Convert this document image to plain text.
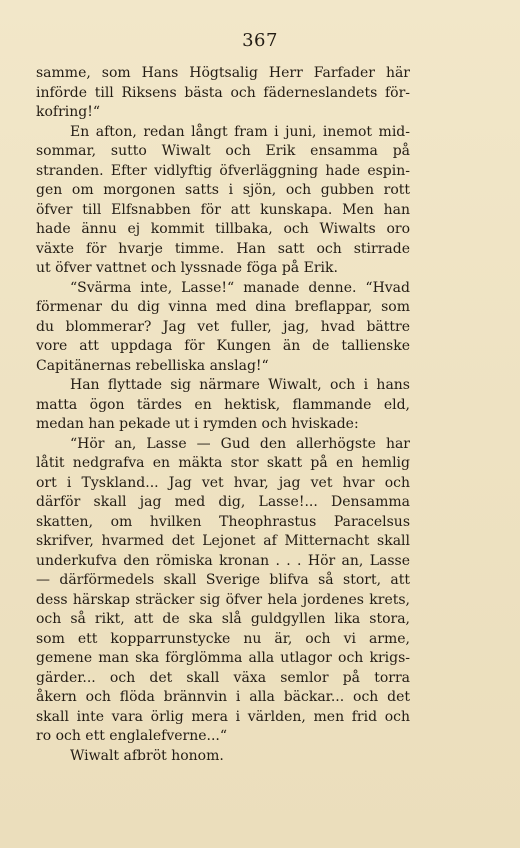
367
samme, som Hans Högtsalig Herr Farfader här
införde till Riksens bästa och fäderneslandets för-
kofring!“
En afton, redan långt fram i juni, inemot mid-
sommar, sutto Wiwalt och Erik ensamma på
stranden. Efter vidlyftig öfverläggning hade espin-
gen om morgonen satts i sjön, och gubben rott
öfver till Elfsnabben för att kunskapa. Men han
hade ännu ej kommit tillbaka, och Wiwalts oro
växte för hvarje timme. Han satt och stirrade
ut öfver vattnet och lyssnade föga på Erik.
“Svärma inte, Lasse!“ manade denne. “Hvad
förmenar du dig vinna med dina breflappar, som
du blommerar? Jag vet fuller, jag, hvad bättre
vore att uppdaga för Kungen än de tallienske
Capitänernas rebelliska anslag!“
Han flyttade sig närmare Wiwalt, och i hans
matta ögon tärdes en hektisk, flammande eld,
medan han pekade ut i rymden och hviskade:
“Hör an, Lasse — Gud den allerhögste har
låtit nedgrafva en mäkta stor skatt på en hemlig
ort i Tyskland... Jag vet hvar, jag vet hvar och
därför skall jag med dig, Lasse!... Densamma
skatten, om hvilken Theophrastus Paracelsus
skrifver, hvarmed det Lejonet af Mitternacht skall
underkufva den römiska kronan . . . Hör an, Lasse
— därförmedels skall Sverige blifva så stort, att
dess härskap sträcker sig öfver hela jordenes krets,
och så rikt, att de ska slå guldgyllen lika stora,
som ett kopparrunstycke nu är, och vi arme,
gemene man ska förglömma alla utlagor och krigs-
gärder... och det skall växa semlor på torra
åkern och flöda brännvin i alla bäckar... och det
skall inte vara örlig mera i världen, men frid och
ro och ett englalefverne...“
Wiwalt afbröt honom.
